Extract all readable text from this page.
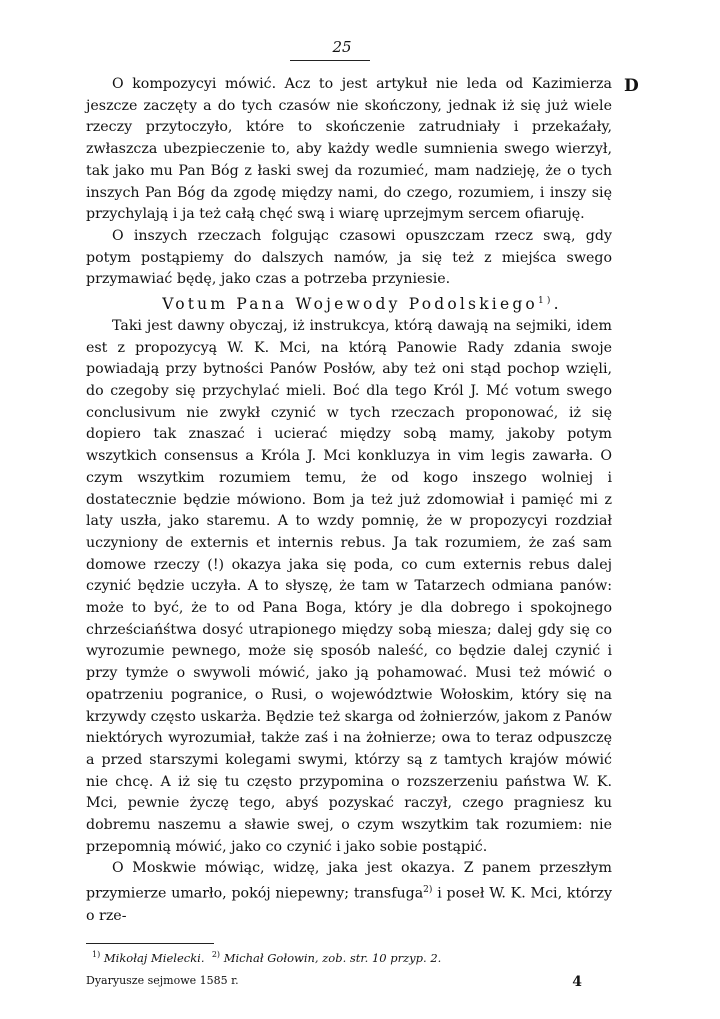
25
D

O kompozycyi mówić. Acz to jest artykuł nie leda od Kazimierza jeszcze zaczęty a do tych czasów nie skończony, jednak iż się już wiele rzeczy przytoczyło, które to skończenie zatrudniały i przekaźały, zwłaszcza ubezpieczenie to, aby każdy wedle sumnienia swego wierzył, tak jako mu Pan Bóg z łaski swej da rozumieć, mam nadzieję, że o tych inszych Pan Bóg da zgodę między nami, do czego, rozumiem, i inszy się przychylają i ja też całą chęć swą i wiarę uprzejmym sercem ofiaruję.

O inszych rzeczach folgując czasowi opuszczam rzecz swą, gdy potym postąpiemy do dalszych namów, ja się też z miejśca swego przymawiać będę, jako czas a potrzeba przyniesie.

Votum Pana Wojewody Podolskiego$^{1)}$.

Taki jest dawny obyczaj, iż instrukcya, którą dawają na sejmiki, idem est z propozycyą W. K. Mci, na którą Panowie Rady zdania swoje powiadają przy bytności Panów Posłów, aby też oni stąd pochop wzięli, do czegoby się przychylać mieli. Boć dla tego Król J. Mć votum swego conclusivum nie zwykł czynić w tych rzeczach proponować, iż się dopiero tak znaszać i ucierać między sobą mamy, jakoby potym wszytkich consensus a Króla J. Mci konkluzya in vim legis zawarła. O czym wszytkim rozumiem temu, że od kogo inszego wolniej i dostatecznie będzie mówiono. Bom ja też już zdomowiał i pamięć mi z laty uszła, jako staremu. A to wzdy pomnię, że w propozycyi rozdział uczyniony de externis et internis rebus. Ja tak rozumiem, że zaś sam domowe rzeczy (!) okazya jaka się poda, co cum externis rebus dalej czynić będzie uczyła. A to słyszę, że tam w Tatarzech odmiana panów: może to być, że to od Pana Boga, który je dla dobrego i spokojnego chrześciańśtwa dosyć utrapionego między sobą miesza; dalej gdy się co wyrozumie pewnego, może się sposób naleść, co będzie dalej czynić i przy tymże o swywoli mówić, jako ją pohamować. Musi też mówić o opatrzeniu pogranice, o Rusi, o województwie Wołoskim, który się na krzywdy często uskarża. Będzie też skarga od żołnierzów, jakom z Panów niektórych wyrozumiał, także zaś i na żołnierze; owa to teraz odpuszczę a przed starszymi kolegami swymi, którzy są z tamtych krajów mówić nie chcę. A iż się tu często przypomina o rozszerzeniu państwa W. K. Mci, pewnie życzę tego, abyś pozyskać raczył, czego pragniesz ku dobremu naszemu a sławie swej, o czym wszytkim tak rozumiem: nie przepomnią mówić, jako co czynić i jako sobie postąpić.

O Moskwie mówiąc, widzę, jaka jest okazya. Z panem przeszłym przymierze umarło, pokój niepewny; transfuga$^{2)}$ i poseł W. K. Mci, którzy o rze-

$^{1)}$ Mikołaj Mielecki. $^{2)}$ Michał Gołowin, zob. str. 10 przyp. 2.
Dyaryusze sejmowe 1585 r.	4
